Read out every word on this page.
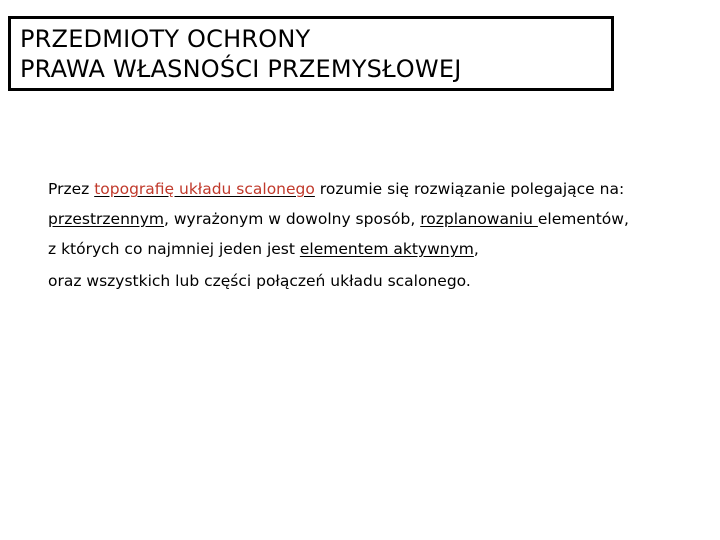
PRZEDMIOTY OCHRONY
PRAWA WŁASNOŚCI PRZEMYSŁOWEJ

Przez topografię układu scalonego rozumie się rozwiązanie polegające na:

przestrzennym, wyrażonym w dowolny sposób, rozplanowaniu elementów,

z których co najmniej jeden jest elementem aktywnym,

oraz wszystkich lub części połączeń układu scalonego.
